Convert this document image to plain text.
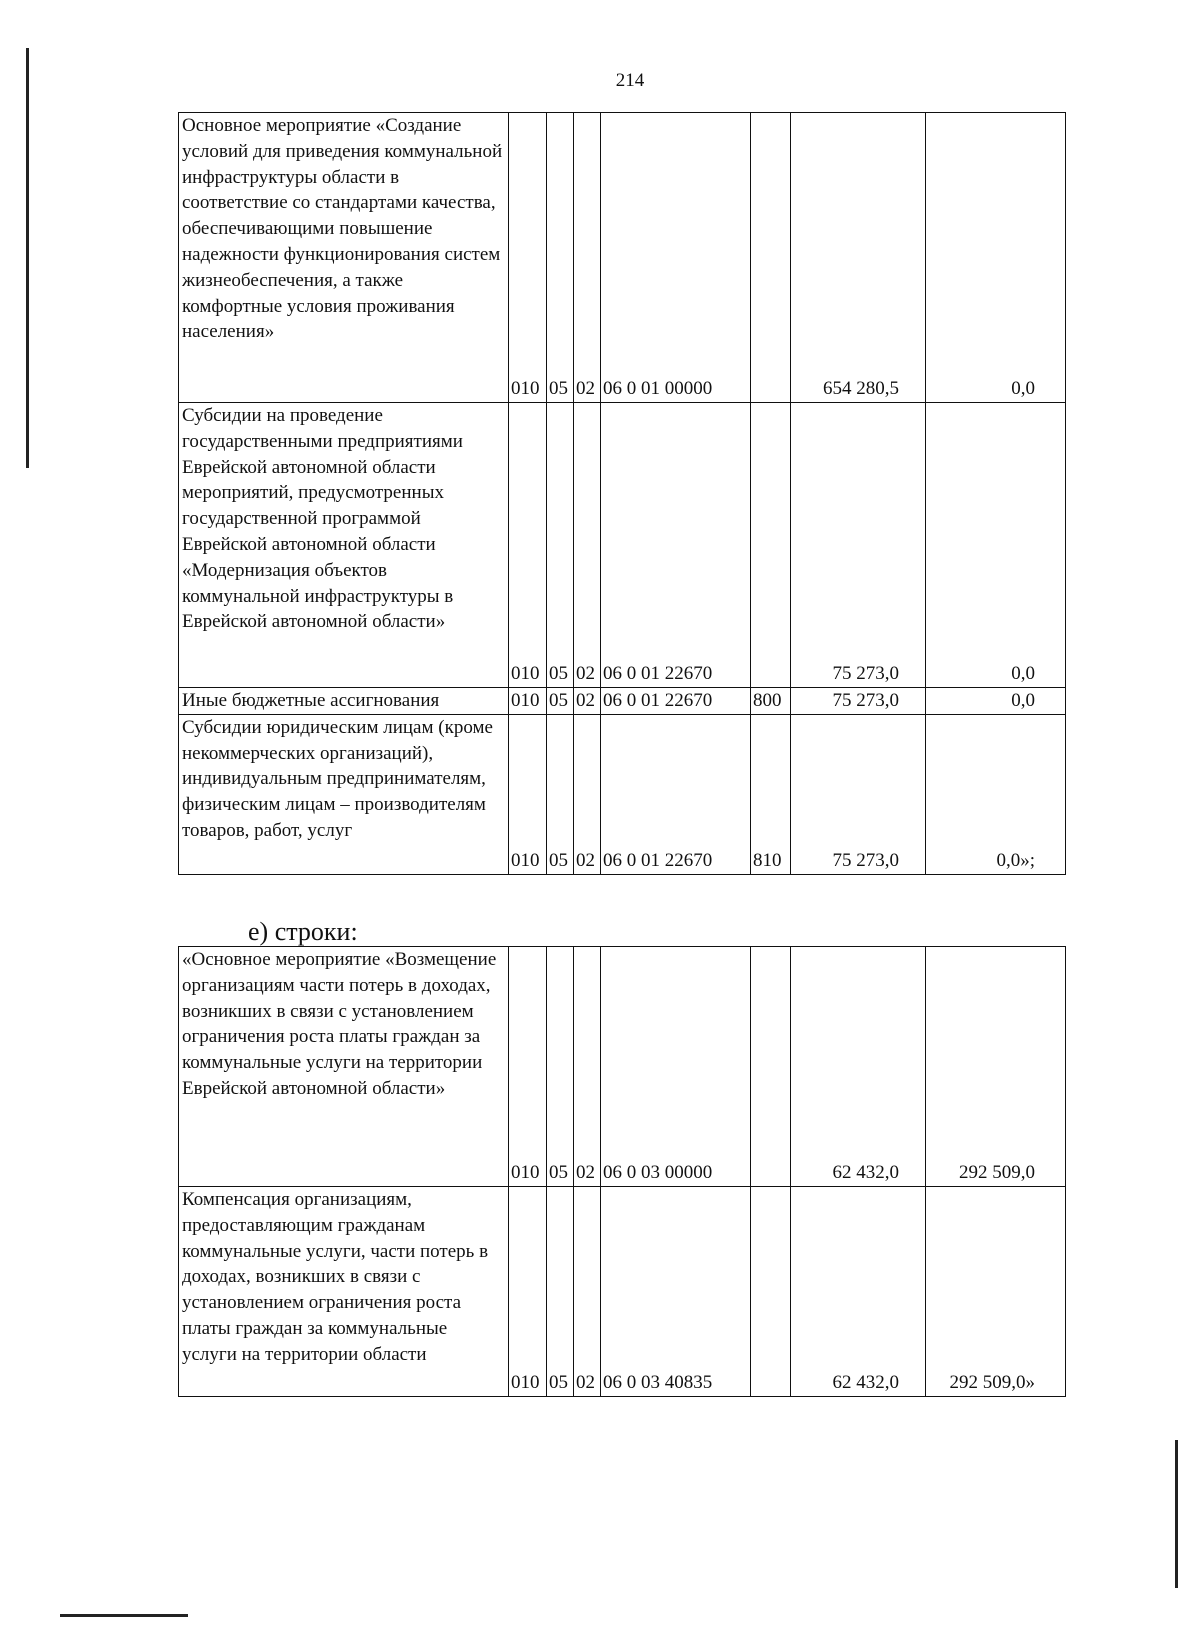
214
Основное мероприятие «Создание условий для приведения коммунальной инфраструктуры области в соответствие со стандартами качества, обеспечивающими повышение надежности функционирования систем жизнеобеспечения, а также комфортные условия проживания населения»	010	05	02	06 0 01 00000		654 280,5	0,0
Субсидии на проведение государственными предприятиями Еврейской автономной области мероприятий, предусмотренных государственной программой Еврейской автономной области «Модернизация объектов коммунальной инфраструктуры в Еврейской автономной области»	010	05	02	06 0 01 22670		75 273,0	0,0
Иные бюджетные ассигнования	010	05	02	06 0 01 22670	800	75 273,0	0,0
Субсидии юридическим лицам (кроме некоммерческих организаций), индивидуальным предпринимателям, физическим лицам – производителям товаров, работ, услуг	010	05	02	06 0 01 22670	810	75 273,0	0,0»;
е) строки:
«Основное мероприятие «Возмещение организациям части потерь в доходах, возникших в связи с установлением ограничения роста платы граждан за коммунальные услуги на территории Еврейской автономной области»	010	05	02	06 0 03 00000		62 432,0	292 509,0
Компенсация организациям, предоставляющим гражданам коммунальные услуги, части потерь в доходах, возникших в связи с установлением ограничения роста платы граждан за коммунальные услуги на территории области	010	05	02	06 0 03 40835		62 432,0	292 509,0»
